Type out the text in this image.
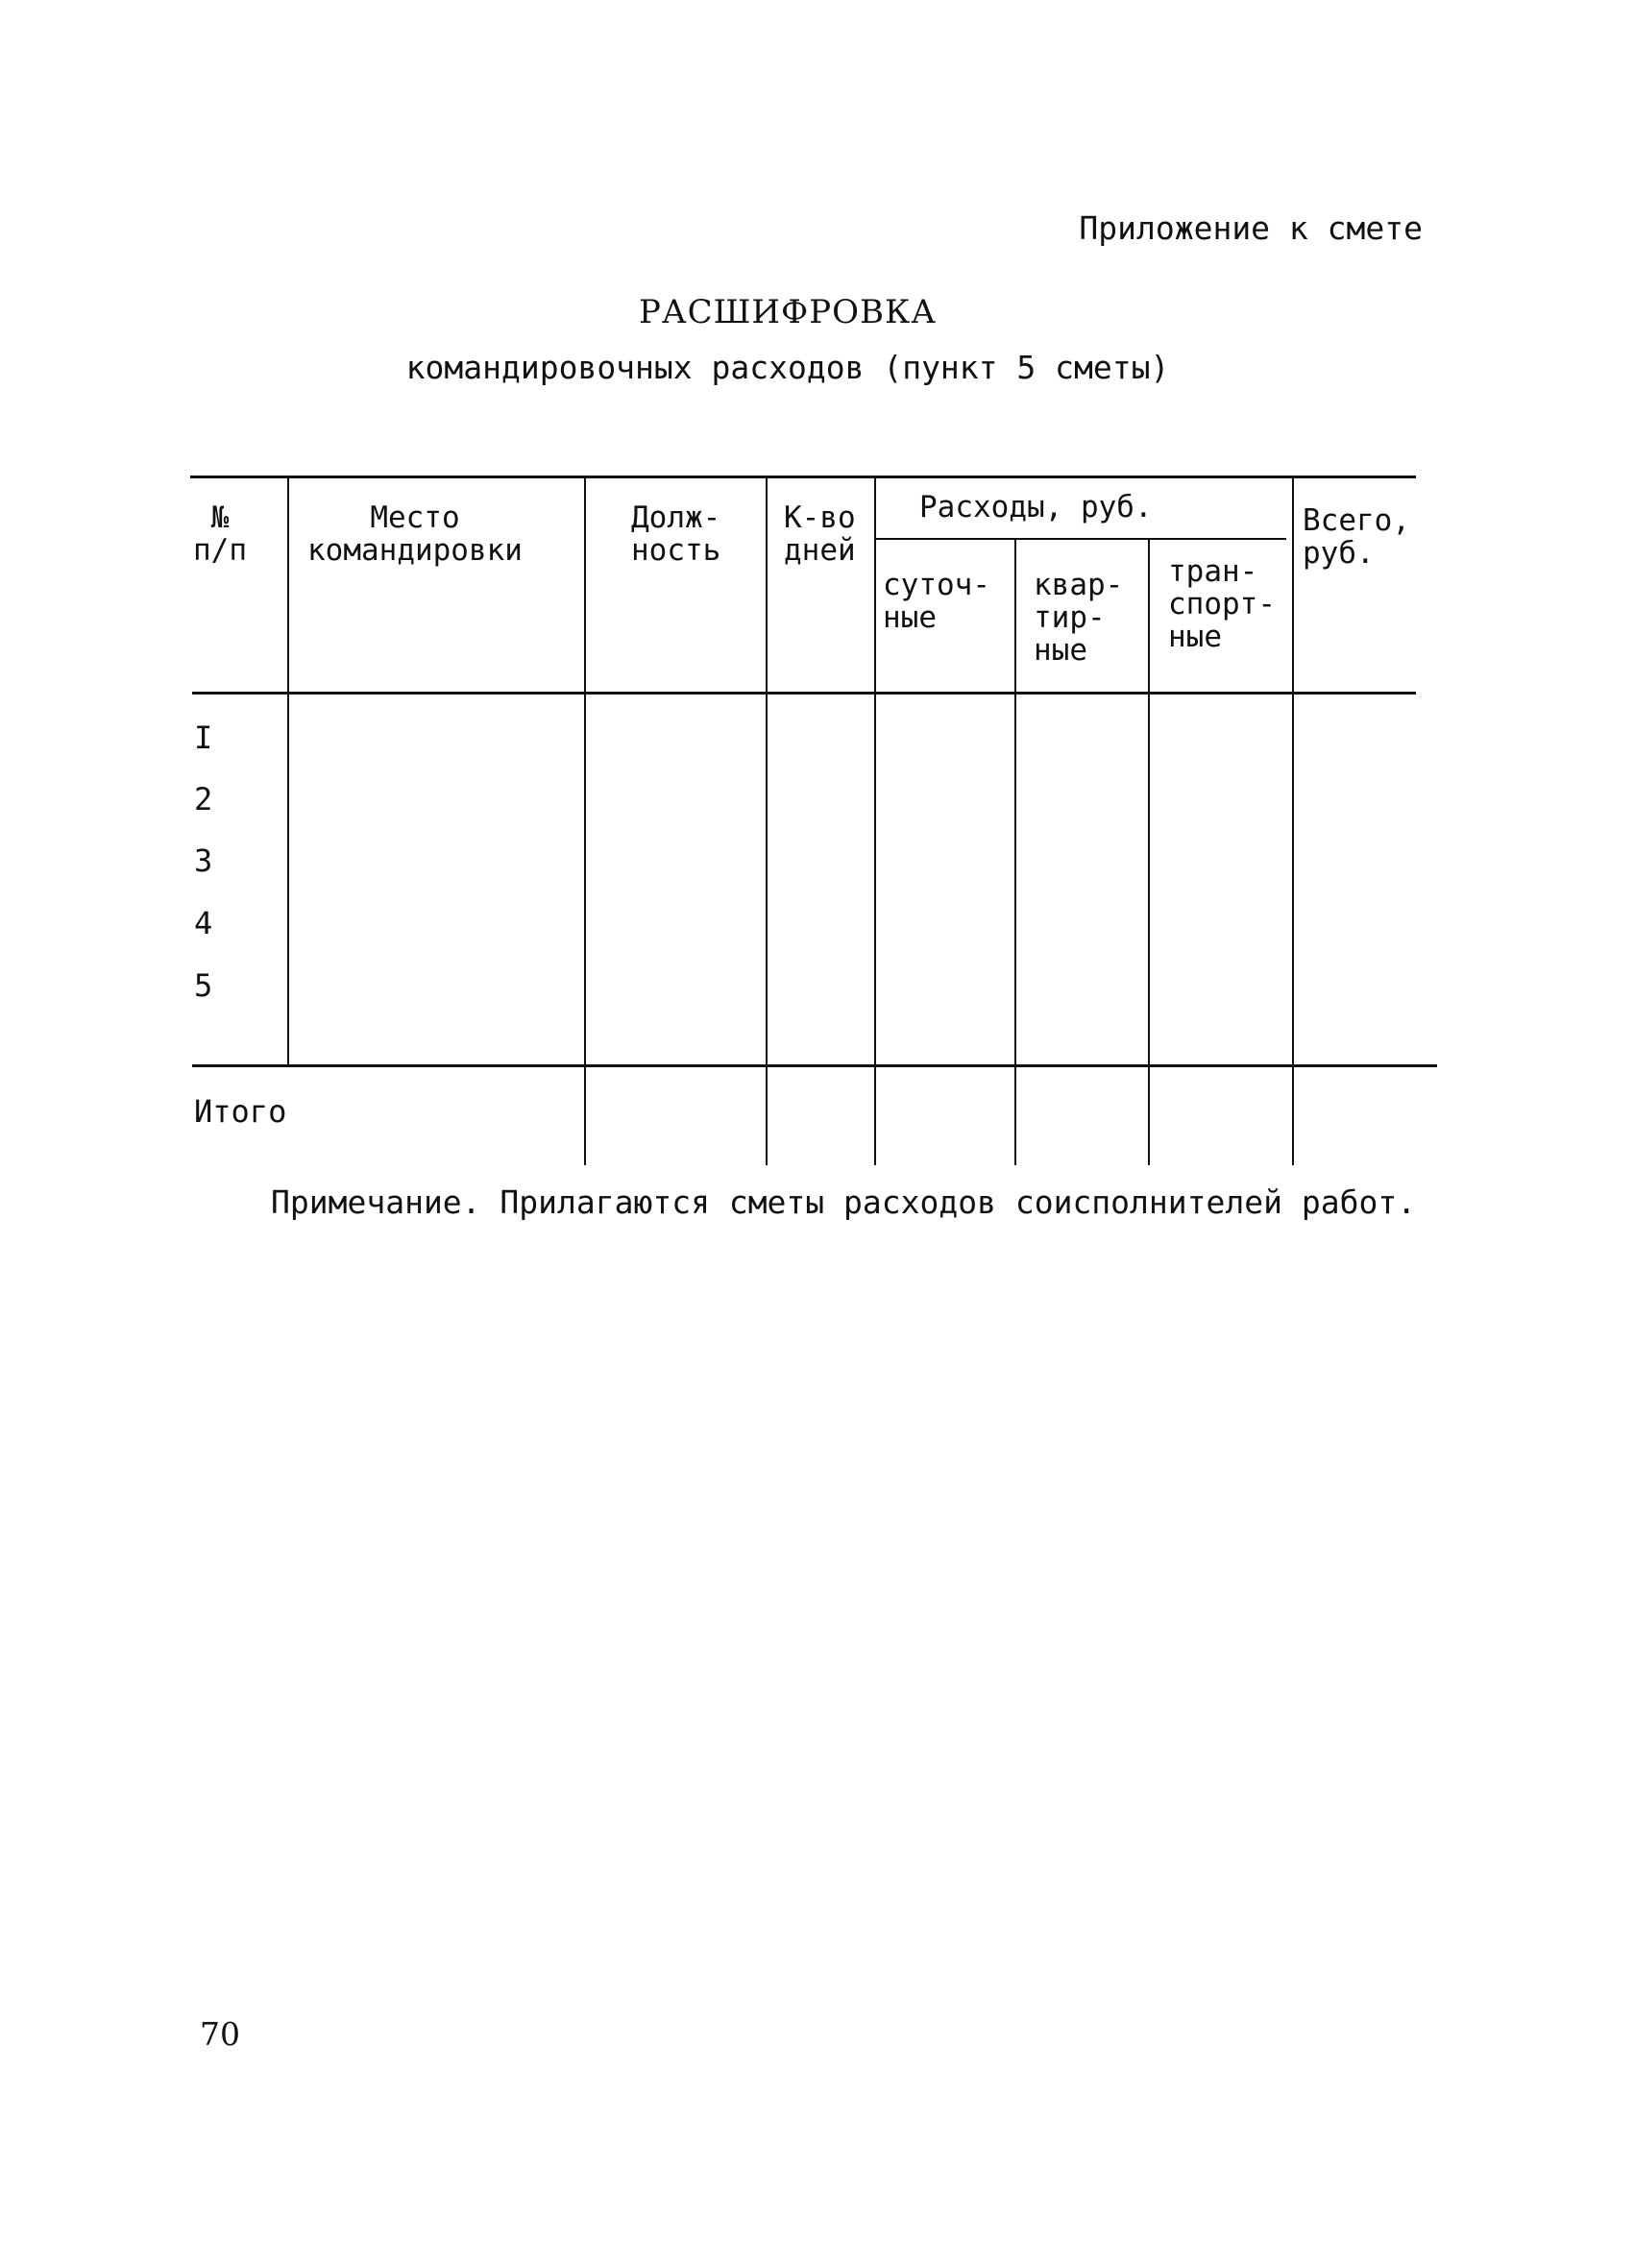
Приложение к смете
РАСШИФРОВКА
командировочных расходов (пункт 5 сметы)
№
п/п
Место
командировки
Долж-
ность
К-во
дней
Расходы, руб.
суточ-
ные
квар-
тир-
ные
тран-
спорт-
ные
Всего,
руб.
I
2
3
4
5
Итого
Примечание. Прилагаются сметы расходов соисполнителей работ.
70
